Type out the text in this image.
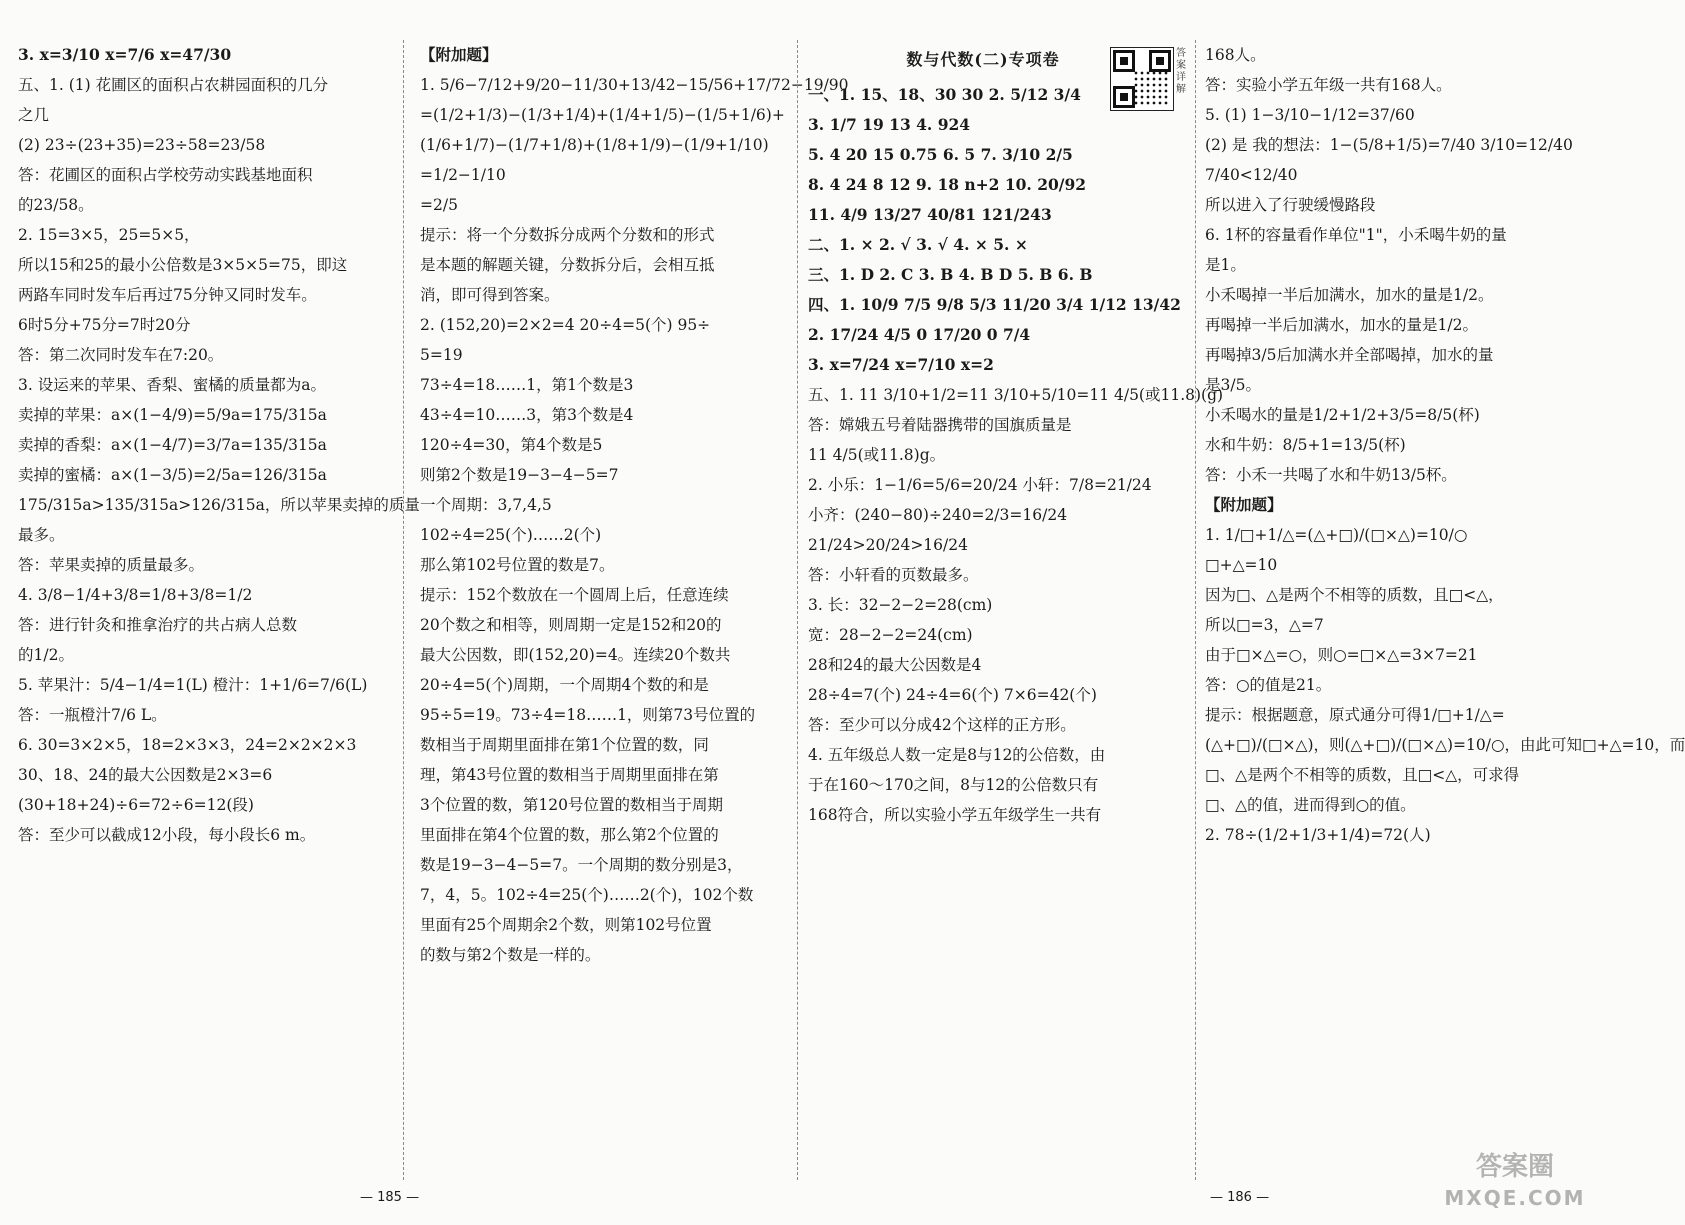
3. x=3/10 x=7/6 x=47/30
五、1. (1) 花圃区的面积占农耕园面积的几分
之几
(2) 23÷(23+35)=23÷58=23/58
答：花圃区的面积占学校劳动实践基地面积
的23/58。
2. 15=3×5，25=5×5，
所以15和25的最小公倍数是3×5×5=75，即这
两路车同时发车后再过75分钟又同时发车。
6时5分+75分=7时20分
答：第二次同时发车在7:20。
3. 设运来的苹果、香梨、蜜橘的质量都为a。
卖掉的苹果：a×(1−4/9)=5/9a=175/315a
卖掉的香梨：a×(1−4/7)=3/7a=135/315a
卖掉的蜜橘：a×(1−3/5)=2/5a=126/315a
175/315a>135/315a>126/315a，所以苹果卖掉的质量
最多。
答：苹果卖掉的质量最多。
4. 3/8−1/4+3/8=1/8+3/8=1/2
答：进行针灸和推拿治疗的共占病人总数
的1/2。
5. 苹果汁：5/4−1/4=1(L) 橙汁：1+1/6=7/6(L)
答：一瓶橙汁7/6 L。
6. 30=3×2×5，18=2×3×3，24=2×2×2×3
30、18、24的最大公因数是2×3=6
(30+18+24)÷6=72÷6=12(段)
答：至少可以截成12小段，每小段长6 m。
【附加题】
1. 5/6−7/12+9/20−11/30+13/42−15/56+17/72−19/90
=(1/2+1/3)−(1/3+1/4)+(1/4+1/5)−(1/5+1/6)+
(1/6+1/7)−(1/7+1/8)+(1/8+1/9)−(1/9+1/10)
=1/2−1/10
=2/5
提示：将一个分数拆分成两个分数和的形式
是本题的解题关键，分数拆分后，会相互抵
消，即可得到答案。
2. (152,20)=2×2=4 20÷4=5(个) 95÷
5=19
73÷4=18……1，第1个数是3
43÷4=10……3，第3个数是4
120÷4=30，第4个数是5
则第2个数是19−3−4−5=7
一个周期：3,7,4,5
102÷4=25(个)……2(个)
那么第102号位置的数是7。
提示：152个数放在一个圆周上后，任意连续
20个数之和相等，则周期一定是152和20的
最大公因数，即(152,20)=4。连续20个数共
20÷4=5(个)周期，一个周期4个数的和是
95÷5=19。73÷4=18……1，则第73号位置的
数相当于周期里面排在第1个位置的数，同
理，第43号位置的数相当于周期里面排在第
3个位置的数，第120号位置的数相当于周期
里面排在第4个位置的数，那么第2个位置的
数是19−3−4−5=7。一个周期的数分别是3，
7，4，5。102÷4=25(个)……2(个)，102个数
里面有25个周期余2个数，则第102号位置
的数与第2个数是一样的。
数与代数(二)专项卷
一、1. 15、18、30 30 2. 5/12 3/4
3. 1/7 19 13 4. 924
5. 4 20 15 0.75 6. 5 7. 3/10 2/5
8. 4 24 8 12 9. 18 n+2 10. 20/92
11. 4/9 13/27 40/81 121/243
二、1. × 2. √ 3. √ 4. × 5. ×
三、1. D 2. C 3. B 4. B D 5. B 6. B
四、1. 10/9 7/5 9/8 5/3 11/20 3/4 1/12 13/42
2. 17/24 4/5 0 17/20 0 7/4
3. x=7/24 x=7/10 x=2
五、1. 11 3/10+1/2=11 3/10+5/10=11 4/5(或11.8)(g)
答：嫦娥五号着陆器携带的国旗质量是
11 4/5(或11.8)g。
2. 小乐：1−1/6=5/6=20/24 小轩：7/8=21/24
小齐：(240−80)÷240=2/3=16/24
21/24>20/24>16/24
答：小轩看的页数最多。
3. 长：32−2−2=28(cm)
宽：28−2−2=24(cm)
28和24的最大公因数是4
28÷4=7(个) 24÷4=6(个) 7×6=42(个)
答：至少可以分成42个这样的正方形。
4. 五年级总人数一定是8与12的公倍数，由
于在160～170之间，8与12的公倍数只有
168符合，所以实验小学五年级学生一共有
168人。
答：实验小学五年级一共有168人。
5. (1) 1−3/10−1/12=37/60
(2) 是 我的想法：1−(5/8+1/5)=7/40 3/10=12/40
7/40<12/40
所以进入了行驶缓慢路段
6. 1杯的容量看作单位"1"，小禾喝牛奶的量
是1。
小禾喝掉一半后加满水，加水的量是1/2。
再喝掉一半后加满水，加水的量是1/2。
再喝掉3/5后加满水并全部喝掉，加水的量
是3/5。
小禾喝水的量是1/2+1/2+3/5=8/5(杯)
水和牛奶：8/5+1=13/5(杯)
答：小禾一共喝了水和牛奶13/5杯。
【附加题】
1. 1/□+1/△=(△+□)/(□×△)=10/○
□+△=10
因为□、△是两个不相等的质数，且□<△，
所以□=3，△=7
由于□×△=○，则○=□×△=3×7=21
答：○的值是21。
提示：根据题意，原式通分可得1/□+1/△=
(△+□)/(□×△)，则(△+□)/(□×△)=10/○，由此可知□+△=10，而
□、△是两个不相等的质数，且□<△，可求得
□、△的值，进而得到○的值。
2. 78÷(1/2+1/3+1/4)=72(人)
答案详解
— 185 —	— 186 —
答案圈
MXQE.COM
